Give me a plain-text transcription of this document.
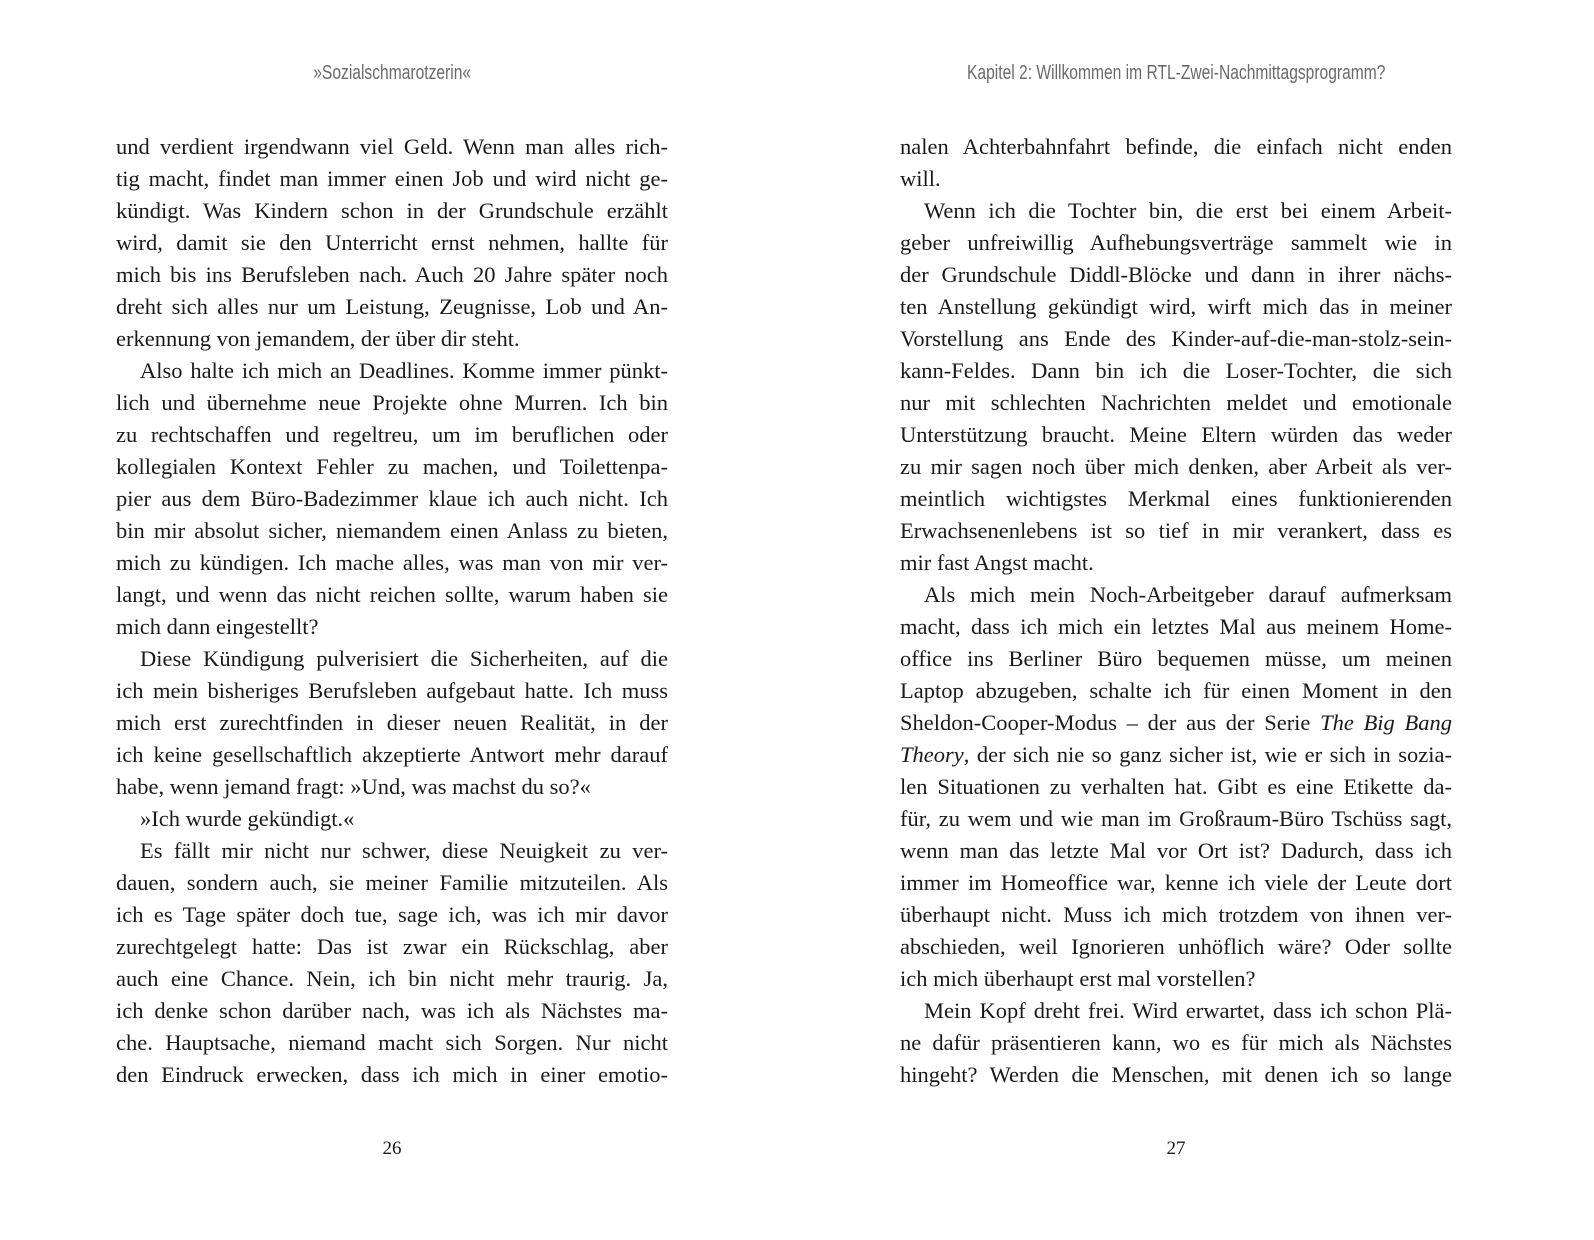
»Sozialschmarotzerin«
und verdient irgendwann viel Geld. Wenn man alles rich-
tig macht, findet man immer einen Job und wird nicht ge-
kündigt. Was Kindern schon in der Grundschule erzählt
wird, damit sie den Unterricht ernst nehmen, hallte für
mich bis ins Berufsleben nach. Auch 20 Jahre später noch
dreht sich alles nur um Leistung, Zeugnisse, Lob und An-
erkennung von jemandem, der über dir steht.
Also halte ich mich an Deadlines. Komme immer pünkt-
lich und übernehme neue Projekte ohne Murren. Ich bin
zu rechtschaffen und regeltreu, um im beruflichen oder
kollegialen Kontext Fehler zu machen, und Toilettenpa-
pier aus dem Büro-Badezimmer klaue ich auch nicht. Ich
bin mir absolut sicher, niemandem einen Anlass zu bieten,
mich zu kündigen. Ich mache alles, was man von mir ver-
langt, und wenn das nicht reichen sollte, warum haben sie
mich dann eingestellt?
Diese Kündigung pulverisiert die Sicherheiten, auf die
ich mein bisheriges Berufsleben aufgebaut hatte. Ich muss
mich erst zurechtfinden in dieser neuen Realität, in der
ich keine gesellschaftlich akzeptierte Antwort mehr darauf
habe, wenn jemand fragt: »Und, was machst du so?«
»Ich wurde gekündigt.«
Es fällt mir nicht nur schwer, diese Neuigkeit zu ver-
dauen, sondern auch, sie meiner Familie mitzuteilen. Als
ich es Tage später doch tue, sage ich, was ich mir davor
zurechtgelegt hatte: Das ist zwar ein Rückschlag, aber
auch eine Chance. Nein, ich bin nicht mehr traurig. Ja,
ich denke schon darüber nach, was ich als Nächstes ma-
che. Hauptsache, niemand macht sich Sorgen. Nur nicht
den Eindruck erwecken, dass ich mich in einer emotio-
26
Kapitel 2: Willkommen im RTL-Zwei-Nachmittagsprogramm?
nalen Achterbahnfahrt befinde, die einfach nicht enden
will.
Wenn ich die Tochter bin, die erst bei einem Arbeit-
geber unfreiwillig Aufhebungsverträge sammelt wie in
der Grundschule Diddl-Blöcke und dann in ihrer nächs-
ten Anstellung gekündigt wird, wirft mich das in meiner
Vorstellung ans Ende des Kinder-auf-die-man-stolz-sein-
kann-Feldes. Dann bin ich die Loser-Tochter, die sich
nur mit schlechten Nachrichten meldet und emotionale
Unterstützung braucht. Meine Eltern würden das weder
zu mir sagen noch über mich denken, aber Arbeit als ver-
meintlich wichtigstes Merkmal eines funktionierenden
Erwachsenenlebens ist so tief in mir verankert, dass es
mir fast Angst macht.
Als mich mein Noch-Arbeitgeber darauf aufmerksam
macht, dass ich mich ein letztes Mal aus meinem Home-
office ins Berliner Büro bequemen müsse, um meinen
Laptop abzugeben, schalte ich für einen Moment in den
Sheldon-Cooper-Modus – der aus der Serie The Big Bang
Theory, der sich nie so ganz sicher ist, wie er sich in sozia-
len Situationen zu verhalten hat. Gibt es eine Etikette da-
für, zu wem und wie man im Großraum-Büro Tschüss sagt,
wenn man das letzte Mal vor Ort ist? Dadurch, dass ich
immer im Homeoffice war, kenne ich viele der Leute dort
überhaupt nicht. Muss ich mich trotzdem von ihnen ver-
abschieden, weil Ignorieren unhöflich wäre? Oder sollte
ich mich überhaupt erst mal vorstellen?
Mein Kopf dreht frei. Wird erwartet, dass ich schon Plä-
ne dafür präsentieren kann, wo es für mich als Nächstes
hingeht? Werden die Menschen, mit denen ich so lange
27
